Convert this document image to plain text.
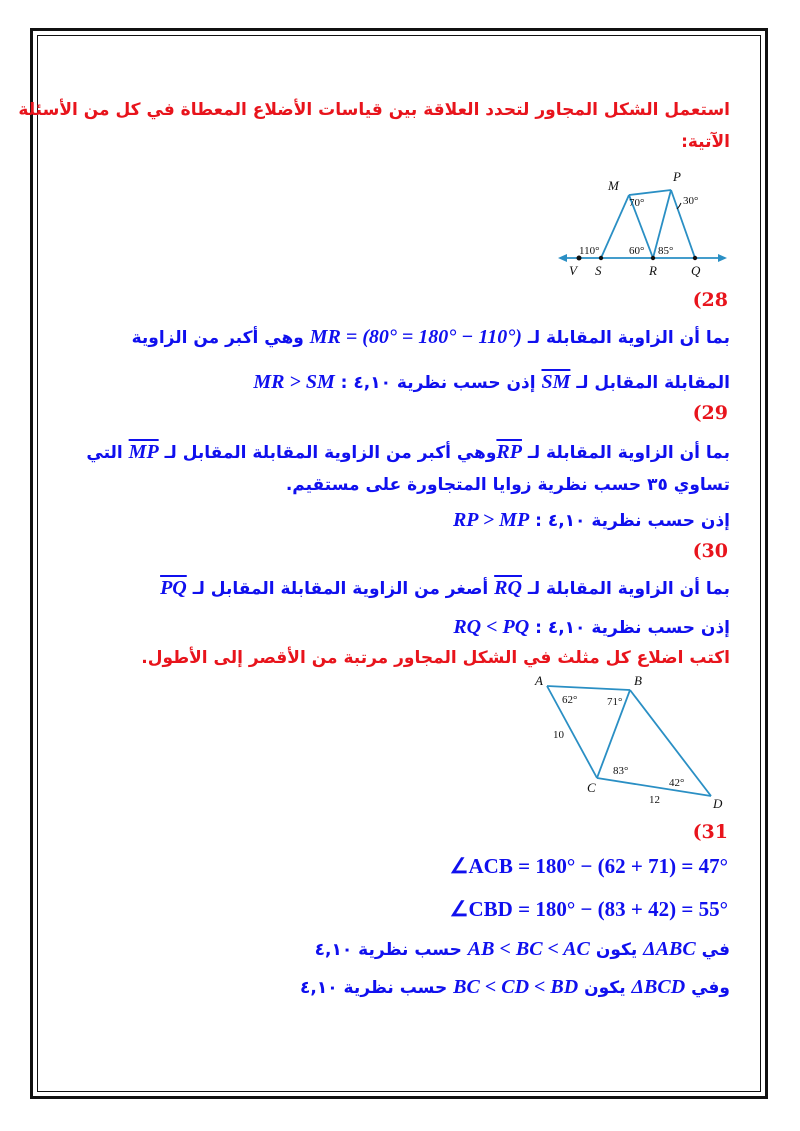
استعمل الشكل المجاور لتحدد العلاقة بين قياسات الأضلاع المعطاة في كل من الأسئلة
الآتية:
M
P
V S	R	Q
70°	30°
110°	60° 85°
(28
بما أن الزاوية المقابلة لـ MR = (80° = 180° − 110°) وهي أكبر من الزاوية
المقابلة المقابل لـ $\overline{SM}$ إذن حسب نظرية ٤,١٠ : MR > SM
(29
بما أن الزاوية المقابلة لـ $\overline{RP}وهي$ أكبر من الزاوية المقابلة المقابل لـ $\overline{MP}$ التي
تساوي ٣٥ حسب نظرية زوايا المتجاورة على مستقيم.
إذن حسب نظرية ٤,١٠ : RP > MP
(30
بما أن الزاوية المقابلة لـ $\overline{RQ}$ أصغر من الزاوية المقابلة المقابل لـ $\overline{PQ}$
إذن حسب نظرية ٤,١٠ : RQ < PQ
اكتب اضلاع كل مثلث في الشكل المجاور مرتبة من الأقصر إلى الأطول.
A	B
C
D
62°	71°
83°
42°
10
12
(31
∠ACB = 180° − (62 + 71) = 47°
∠CBD = 180° − (83 + 42) = 55°
في ΔABC يكون AB < BC < AC حسب نظرية ٤,١٠
وفي ΔBCD يكون BC < CD < BD حسب نظرية ٤,١٠
